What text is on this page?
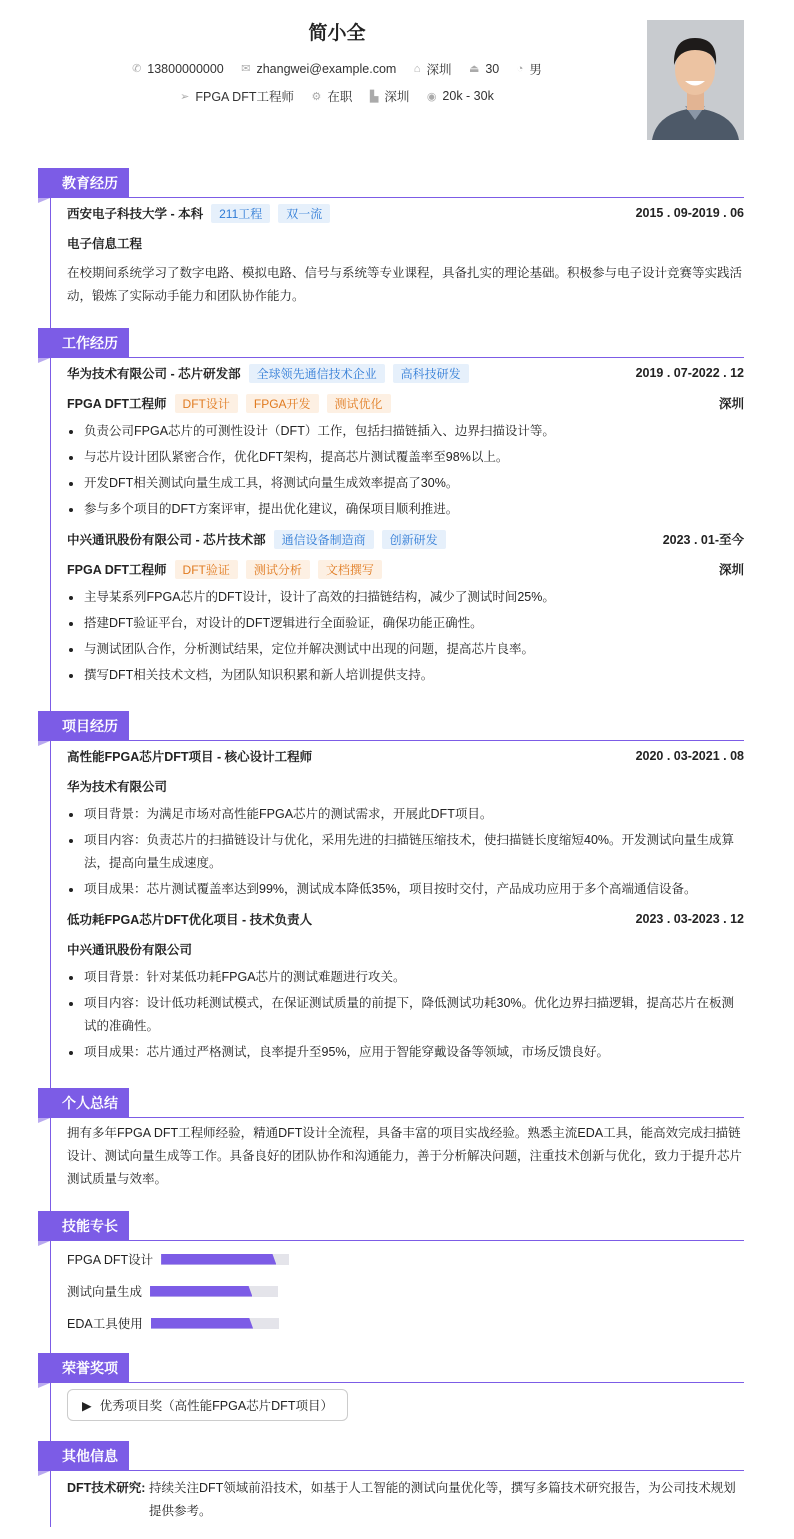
简小全
✆ 13800000000
✉ zhangwei@example.com
⌂ 深圳
⏏ 30
◔ 男
➢ FPGA DFT工程师
⚙ 在职
▙ 深圳
◉ 20k - 30k
教育经历
西安电子科技大学 - 本科	211工程	双一流	2015 . 09-2019 . 06
电子信息工程
在校期间系统学习了数字电路、模拟电路、信号与系统等专业课程，具备扎实的理论基础。积极参与电子设计竞赛等实践活动，锻炼了实际动手能力和团队协作能力。
工作经历
华为技术有限公司 - 芯片研发部	全球领先通信技术企业	高科技研发	2019 . 07-2022 . 12
FPGA DFT工程师	DFT设计	FPGA开发	测试优化	深圳
负责公司FPGA芯片的可测性设计（DFT）工作，包括扫描链插入、边界扫描设计等。
与芯片设计团队紧密合作，优化DFT架构，提高芯片测试覆盖率至98%以上。
开发DFT相关测试向量生成工具，将测试向量生成效率提高了30%。
参与多个项目的DFT方案评审，提出优化建议，确保项目顺利推进。
中兴通讯股份有限公司 - 芯片技术部	通信设备制造商	创新研发	2023 . 01-至今
FPGA DFT工程师	DFT验证	测试分析	文档撰写	深圳
主导某系列FPGA芯片的DFT设计，设计了高效的扫描链结构，减少了测试时间25%。
搭建DFT验证平台，对设计的DFT逻辑进行全面验证，确保功能正确性。
与测试团队合作，分析测试结果，定位并解决测试中出现的问题，提高芯片良率。
撰写DFT相关技术文档，为团队知识积累和新人培训提供支持。
项目经历
高性能FPGA芯片DFT项目 - 核心设计工程师	2020 . 03-2021 . 08
华为技术有限公司
项目背景：为满足市场对高性能FPGA芯片的测试需求，开展此DFT项目。
项目内容：负责芯片的扫描链设计与优化，采用先进的扫描链压缩技术，使扫描链长度缩短40%。开发测试向量生成算法，提高向量生成速度。
项目成果：芯片测试覆盖率达到99%，测试成本降低35%，项目按时交付，产品成功应用于多个高端通信设备。
低功耗FPGA芯片DFT优化项目 - 技术负责人	2023 . 03-2023 . 12
中兴通讯股份有限公司
项目背景：针对某低功耗FPGA芯片的测试难题进行攻关。
项目内容：设计低功耗测试模式，在保证测试质量的前提下，降低测试功耗30%。优化边界扫描逻辑，提高芯片在板测试的准确性。
项目成果：芯片通过严格测试，良率提升至95%，应用于智能穿戴设备等领域，市场反馈良好。
个人总结
拥有多年FPGA DFT工程师经验，精通DFT设计全流程，具备丰富的项目实战经验。熟悉主流EDA工具，能高效完成扫描链设计、测试向量生成等工作。具备良好的团队协作和沟通能力，善于分析解决问题，注重技术创新与优化，致力于提升芯片测试质量与效率。
技能专长
FPGA DFT设计
测试向量生成
EDA工具使用
荣誉奖项
▶ 优秀项目奖（高性能FPGA芯片DFT项目）
其他信息
DFT技术研究: 持续关注DFT领域前沿技术，如基于人工智能的测试向量优化等，撰写多篇技术研究报告，为公司技术规划提供参考。
